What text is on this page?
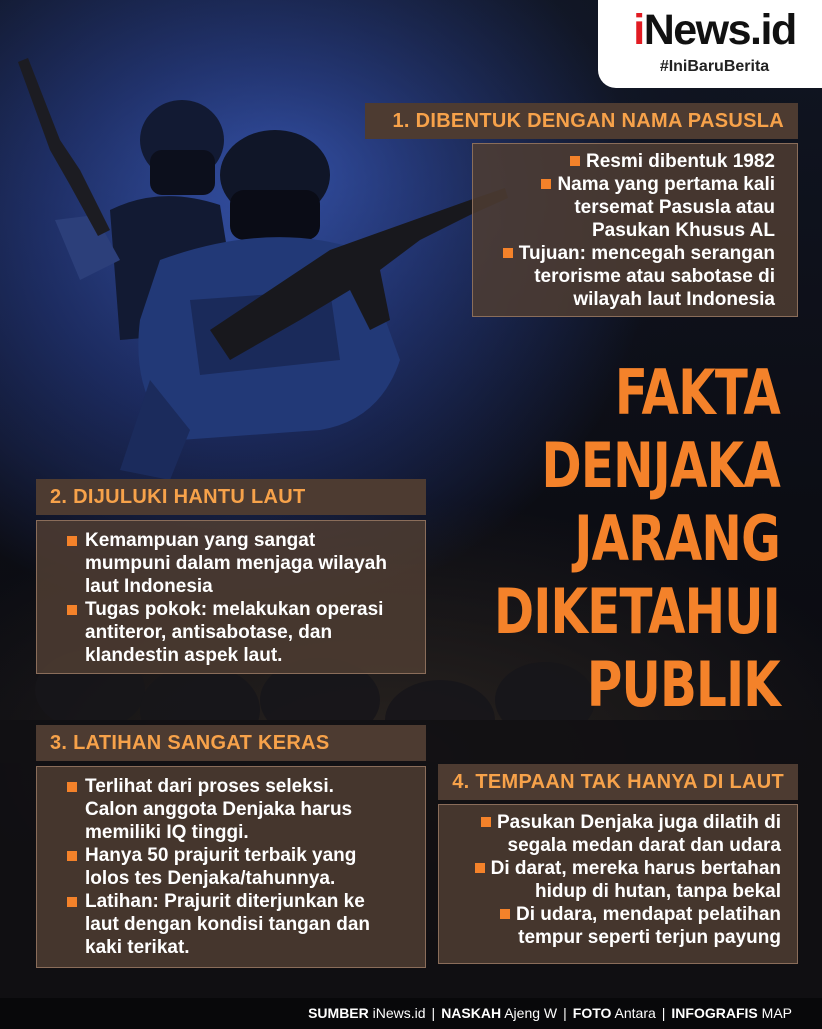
iNews.id
#IniBaruBerita
FAKTA
DENJAKA
JARANG
DIKETAHUI
PUBLIK
1. DIBENTUK DENGAN NAMA PASUSLA
Resmi dibentuk 1982
Nama yang pertama kali
tersemat Pasusla atau
Pasukan Khusus AL
Tujuan: mencegah serangan
terorisme atau sabotase di
wilayah laut Indonesia
2. DIJULUKI HANTU LAUT
Kemampuan yang sangat
mumpuni dalam menjaga wilayah
laut Indonesia
Tugas pokok: melakukan operasi
antiteror, antisabotase, dan
klandestin aspek laut.
3. LATIHAN SANGAT KERAS
Terlihat dari proses seleksi.
Calon anggota Denjaka harus
memiliki IQ tinggi.
Hanya 50 prajurit terbaik yang
lolos tes Denjaka/tahunnya.
Latihan: Prajurit diterjunkan ke
laut dengan kondisi tangan dan
kaki terikat.
4. TEMPAAN TAK HANYA DI LAUT
Pasukan Denjaka juga dilatih di
segala medan darat dan udara
Di darat, mereka harus bertahan
hidup di hutan, tanpa bekal
Di udara, mendapat pelatihan
tempur seperti terjun payung
SUMBER iNews.id | NASKAH Ajeng W | FOTO Antara | INFOGRAFIS MAP
